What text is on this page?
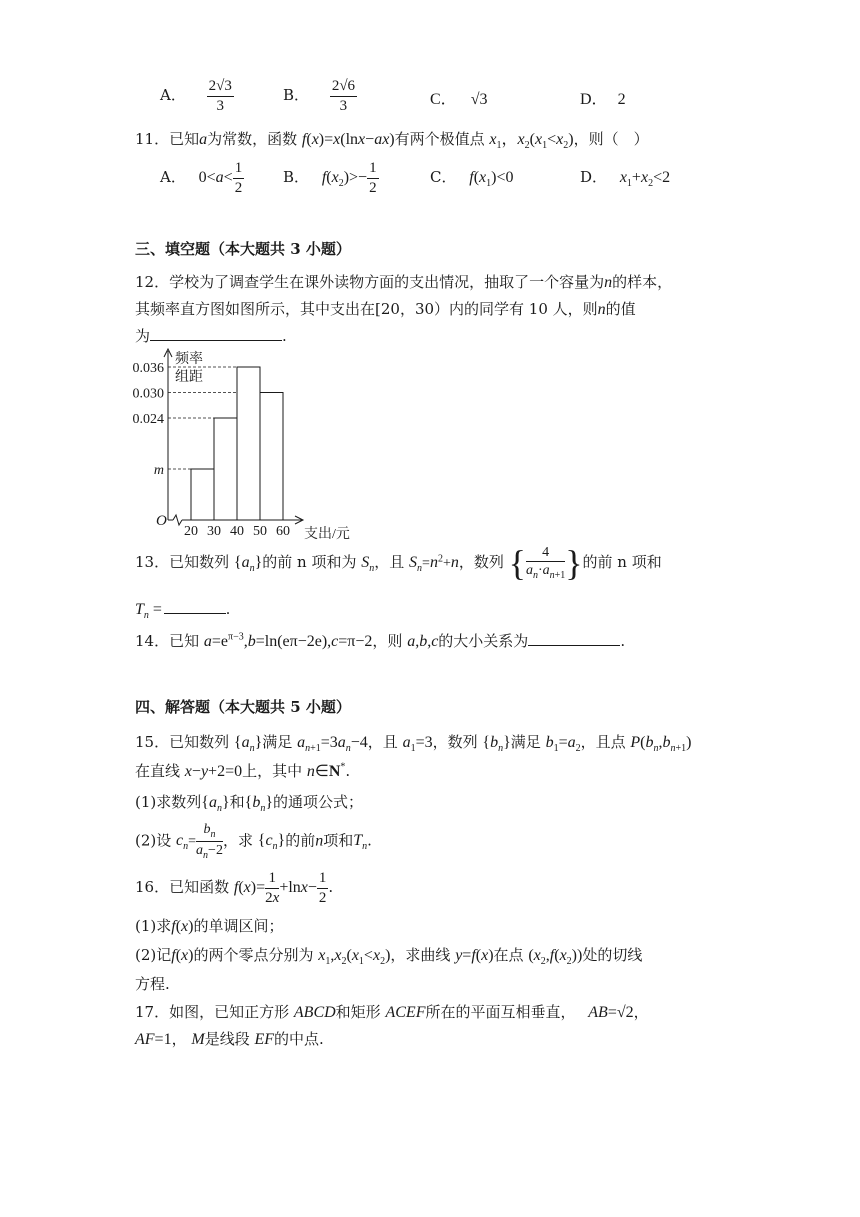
A． $\frac{2√3}{3}$	B． $\frac{2√6}{3}$	C． √3	D． 2
11．已知a为常数，函数 f(x)=x(lnx−ax)有两个极值点 $x_1$，$x_2(x_1<x_2)$，则（　）
A． $0<a< \frac{1}{2}$	B． $f(x_2)>- \frac{1}{2}$	C． $f(x_1)<0$	D． $x_1+x_2<2$
三、填空题（本大题共 3 小题）
12．学校为了调查学生在课外读物方面的支出情况，抽取了一个容量为n的样本，
其频率直方图如图所示，其中支出在[20，30）内的同学有 10 人，则n的值
为	.
0.036
0.030
0.024
m
20 30 40 50 60
O
频率
组距
支出/元
13．已知数列 $\{a_n\}$的前 n 项和为 $S_n$，且 $S_n=n^2+n$，数列 { $\frac{4}{a_n\cdot a_{n+1}}$ }的前 n 项和
$T_n$ =	.
14．已知 $a=e^{\pi-3},b=\ln(e\pi-2e),c=\pi-2$，则 a,b,c的大小关系为	.
四、解答题（本大题共 5 小题）
15．已知数列 $\{a_n\}$满足 $a_{n+1}=3a_n-4$，且 $a_1=3$，数列 $\{b_n\}$满足 $b_1=a_2$，且点 $P(b_n,b_{n+1})$
在直线 x−y+2=0上，其中 n∈N*.
(1)求数列$\{a_n\}$和$\{b_n\}$的通项公式；
(2)设 $c_n= \frac{b_n}{a_n-2}$ ，求 $\{c_n\}$的前n项和$T_n$.
16．已知函数 $f(x)= \frac{1}{2x} +\ln x- \frac{1}{2}$ .
(1)求f(x)的单调区间；
(2)记f(x)的两个零点分别为 $x_1,x_2(x_1<x_2)$，求曲线 y=f(x)在点 $(x_2,f(x_2))$处的切线
方程.
17．如图，已知正方形 ABCD和矩形 ACEF所在的平面互相垂直， AB=√2，
AF=1， M是线段 EF的中点.
